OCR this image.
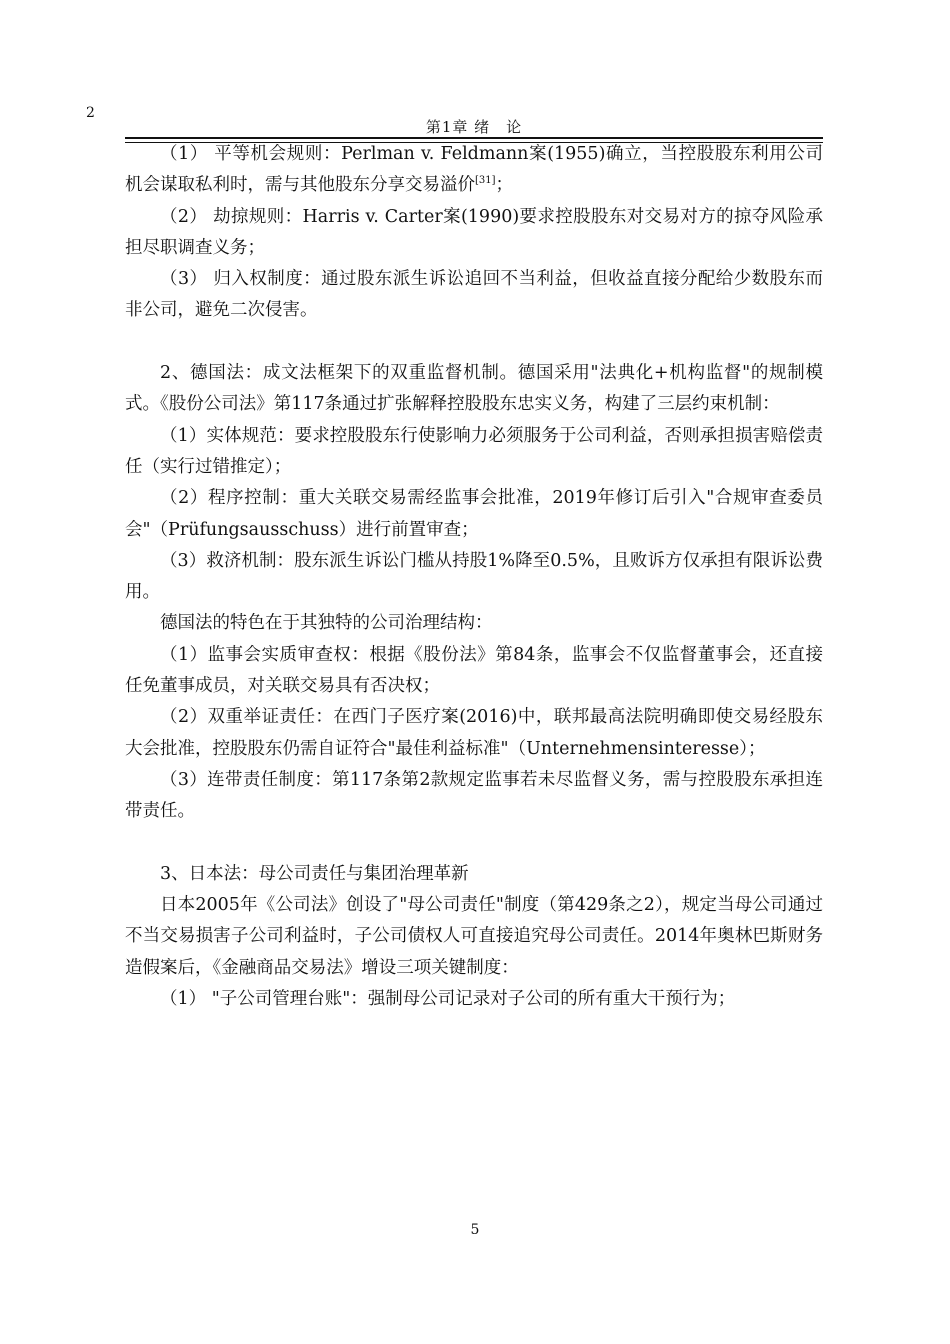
2
第1章 绪　论

（1） 平等机会规则：Perlman v. Feldmann案(1955)确立，当控股股东利用公司机会谋取私利时，需与其他股东分享交易溢价[31]；

（2） 劫掠规则：Harris v. Carter案(1990)要求控股股东对交易对方的掠夺风险承担尽职调查义务；

（3） 归入权制度：通过股东派生诉讼追回不当利益，但收益直接分配给少数股东而非公司，避免二次侵害。

2、德国法：成文法框架下的双重监督机制。德国采用"法典化+机构监督"的规制模式。《股份公司法》第117条通过扩张解释控股股东忠实义务，构建了三层约束机制：

（1）实体规范：要求控股股东行使影响力必须服务于公司利益，否则承担损害赔偿责任（实行过错推定）；

（2）程序控制：重大关联交易需经监事会批准，2019年修订后引入"合规审查委员会"（Prüfungsausschuss）进行前置审查；

（3）救济机制：股东派生诉讼门槛从持股1%降至0.5%，且败诉方仅承担有限诉讼费用。

德国法的特色在于其独特的公司治理结构：

（1）监事会实质审查权：根据《股份法》第84条，监事会不仅监督董事会，还直接任免董事成员，对关联交易具有否决权；

（2）双重举证责任：在西门子医疗案(2016)中，联邦最高法院明确即使交易经股东大会批准，控股股东仍需自证符合"最佳利益标准"（Unternehmensinteresse）；

（3）连带责任制度：第117条第2款规定监事若未尽监督义务，需与控股股东承担连带责任。

3、日本法：母公司责任与集团治理革新

日本2005年《公司法》创设了"母公司责任"制度（第429条之2），规定当母公司通过不当交易损害子公司利益时，子公司债权人可直接追究母公司责任。2014年奥林巴斯财务造假案后，《金融商品交易法》增设三项关键制度：

（1） "子公司管理台账"：强制母公司记录对子公司的所有重大干预行为；

5
